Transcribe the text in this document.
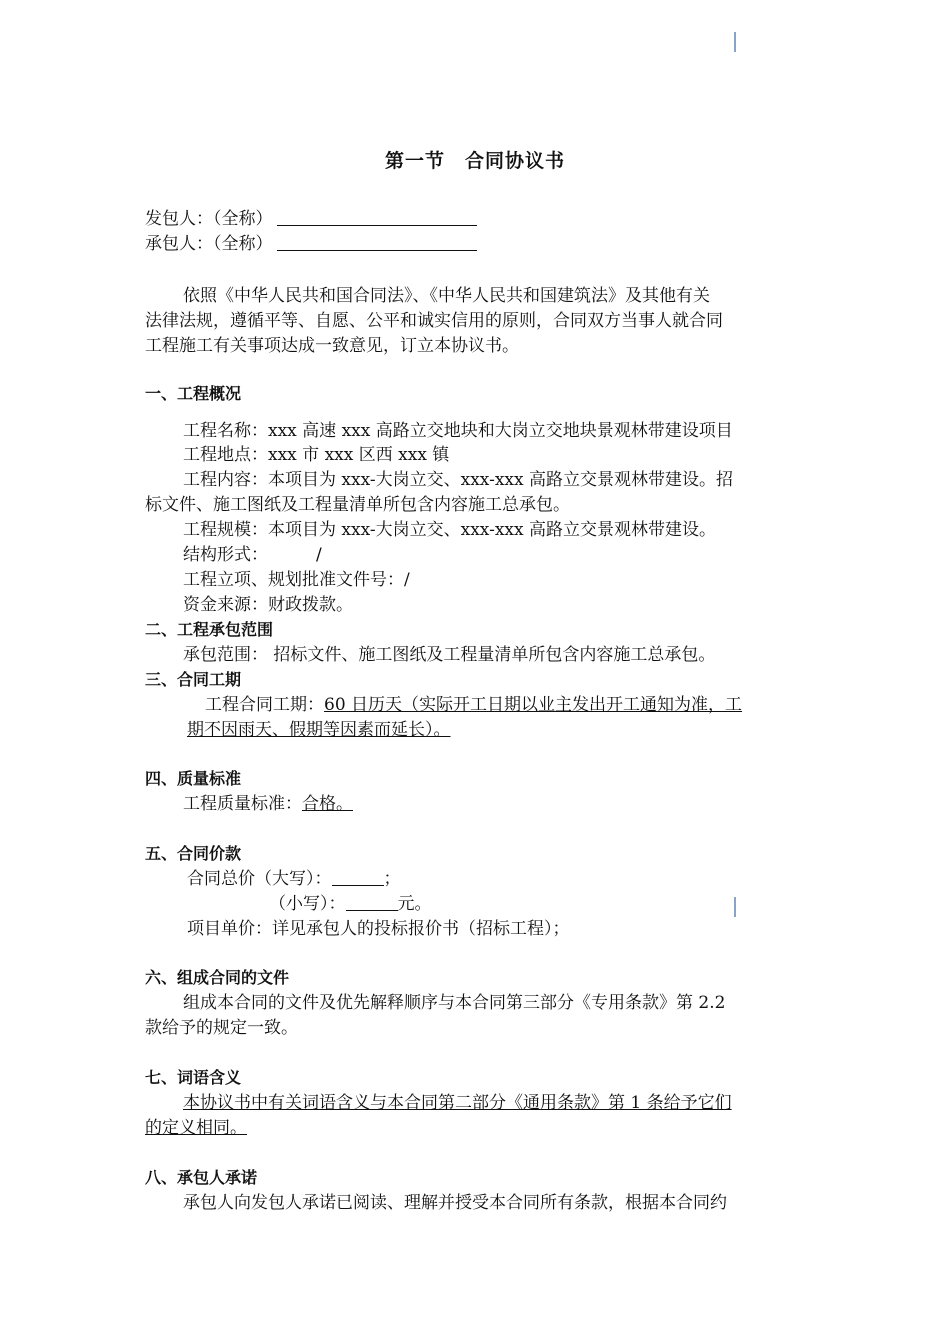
第一节　合同协议书
发包人：（全称）
承包人：（全称）
依照《中华人民共和国合同法》、《中华人民共和国建筑法》及其他有关
法律法规，遵循平等、自愿、公平和诚实信用的原则，合同双方当事人就合同
工程施工有关事项达成一致意见，订立本协议书。
一、工程概况
工程名称：xxx 高速 xxx 高路立交地块和大岗立交地块景观林带建设项目
工程地点：xxx 市 xxx 区西 xxx 镇
工程内容：本项目为 xxx-大岗立交、xxx-xxx 高路立交景观林带建设。招
标文件、施工图纸及工程量清单所包含内容施工总承包。
工程规模：本项目为 xxx-大岗立交、xxx-xxx 高路立交景观林带建设。
结构形式：	/
工程立项、规划批准文件号：/
资金来源：财政拨款。
二、工程承包范围
承包范围： 招标文件、施工图纸及工程量清单所包含内容施工总承包。
三、合同工期
工程合同工期：60 日历天（实际开工日期以业主发出开工通知为准，工
期不因雨天、假期等因素而延长）。
四、质量标准
工程质量标准：合格。
五、合同价款
合同总价（大写）：	；
（小写）：	元。
项目单价：详见承包人的投标报价书（招标工程）；
六、组成合同的文件
组成本合同的文件及优先解释顺序与本合同第三部分《专用条款》第 2.2
款给予的规定一致。
七、词语含义
本协议书中有关词语含义与本合同第二部分《通用条款》第 1 条给予它们
的定义相同。
八、承包人承诺
承包人向发包人承诺已阅读、理解并授受本合同所有条款，根据本合同约
